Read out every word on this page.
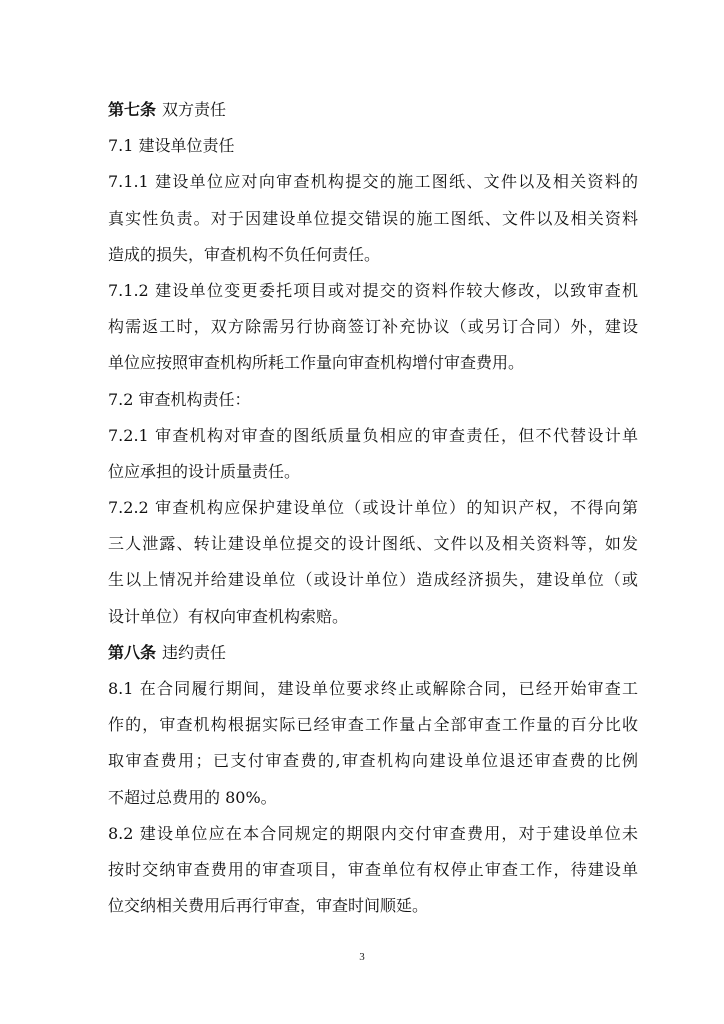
第七条 双方责任
7.1 建设单位责任
7.1.1 建设单位应对向审查机构提交的施工图纸、文件以及相关资料的
真实性负责。对于因建设单位提交错误的施工图纸、文件以及相关资料
造成的损失，审查机构不负任何责任。
7.1.2 建设单位变更委托项目或对提交的资料作较大修改，以致审查机
构需返工时，双方除需另行协商签订补充协议（或另订合同）外，建设
单位应按照审查机构所耗工作量向审查机构增付审查费用。
7.2 审查机构责任：
7.2.1 审查机构对审查的图纸质量负相应的审查责任，但不代替设计单
位应承担的设计质量责任。
7.2.2 审查机构应保护建设单位（或设计单位）的知识产权，不得向第
三人泄露、转让建设单位提交的设计图纸、文件以及相关资料等，如发
生以上情况并给建设单位（或设计单位）造成经济损失，建设单位（或
设计单位）有权向审查机构索赔。
第八条 违约责任
8.1 在合同履行期间，建设单位要求终止或解除合同，已经开始审查工
作的，审查机构根据实际已经审查工作量占全部审查工作量的百分比收
取审查费用；已支付审查费的,审查机构向建设单位退还审查费的比例
不超过总费用的 80%。
8.2 建设单位应在本合同规定的期限内交付审查费用，对于建设单位未
按时交纳审查费用的审查项目，审查单位有权停止审查工作，待建设单
位交纳相关费用后再行审查，审查时间顺延。
3
